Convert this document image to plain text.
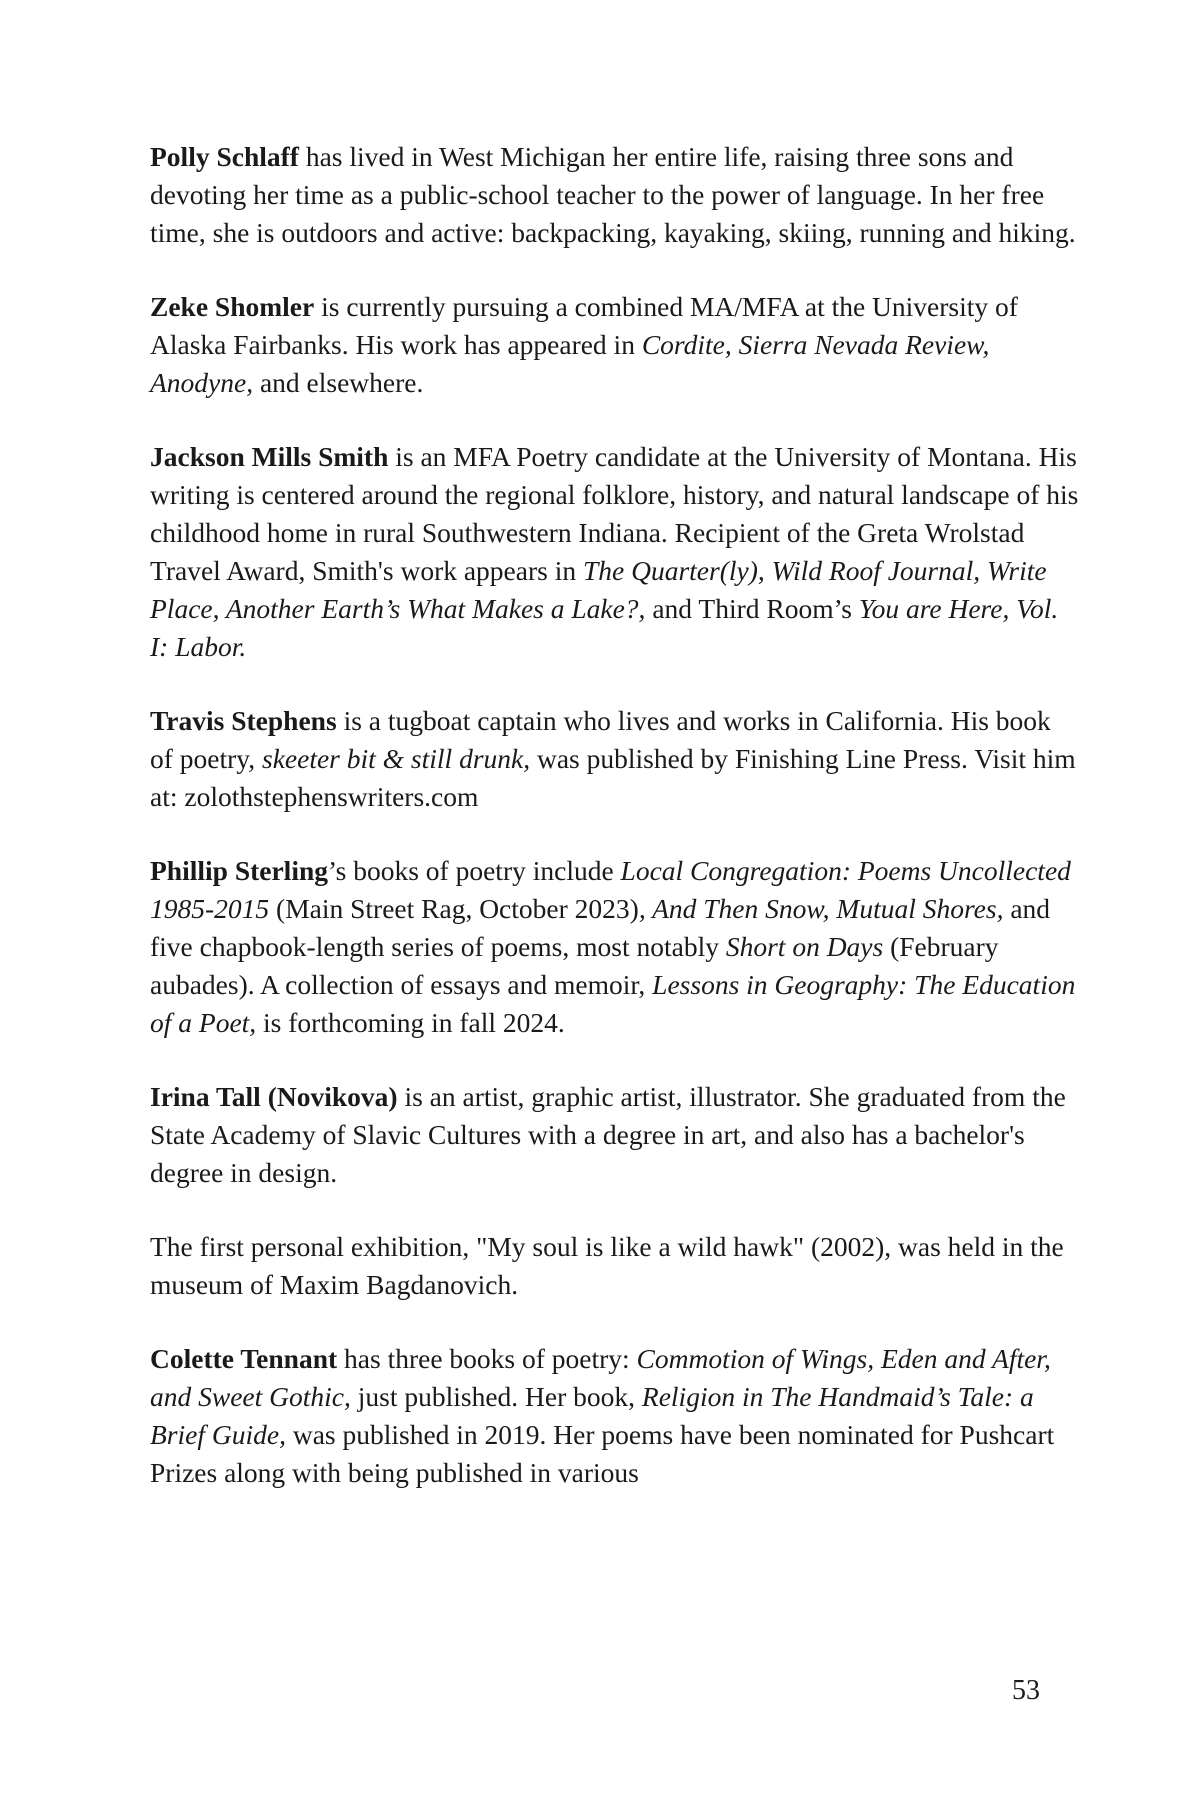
Polly Schlaff has lived in West Michigan her entire life, raising three sons and devoting her time as a public-school teacher to the power of language. In her free time, she is outdoors and active: backpacking, kayaking, skiing, running and hiking.

Zeke Shomler is currently pursuing a combined MA/MFA at the University of Alaska Fairbanks. His work has appeared in Cordite, Sierra Nevada Review, Anodyne, and elsewhere.

Jackson Mills Smith is an MFA Poetry candidate at the University of Montana. His writing is centered around the regional folklore, history, and natural landscape of his childhood home in rural Southwestern Indiana. Recipient of the Greta Wrolstad Travel Award, Smith's work appears in The Quarter(ly), Wild Roof Journal, Write Place, Another Earth’s What Makes a Lake?, and Third Room’s You are Here, Vol. I: Labor.

Travis Stephens is a tugboat captain who lives and works in California. His book of poetry, skeeter bit & still drunk, was published by Finishing Line Press. Visit him at: zolothstephenswriters.com

Phillip Sterling’s books of poetry include Local Congregation: Poems Uncollected 1985-2015 (Main Street Rag, October 2023), And Then Snow, Mutual Shores, and five chapbook-length series of poems, most notably Short on Days (February aubades). A collection of essays and memoir, Lessons in Geography: The Education of a Poet, is forthcoming in fall 2024.

Irina Tall (Novikova) is an artist, graphic artist, illustrator. She graduated from the State Academy of Slavic Cultures with a degree in art, and also has a bachelor's degree in design.

The first personal exhibition, "My soul is like a wild hawk" (2002), was held in the museum of Maxim Bagdanovich.

Colette Tennant has three books of poetry: Commotion of Wings, Eden and After, and Sweet Gothic, just published. Her book, Religion in The Handmaid’s Tale: a Brief Guide, was published in 2019. Her poems have been nominated for Pushcart Prizes along with being published in various

53
